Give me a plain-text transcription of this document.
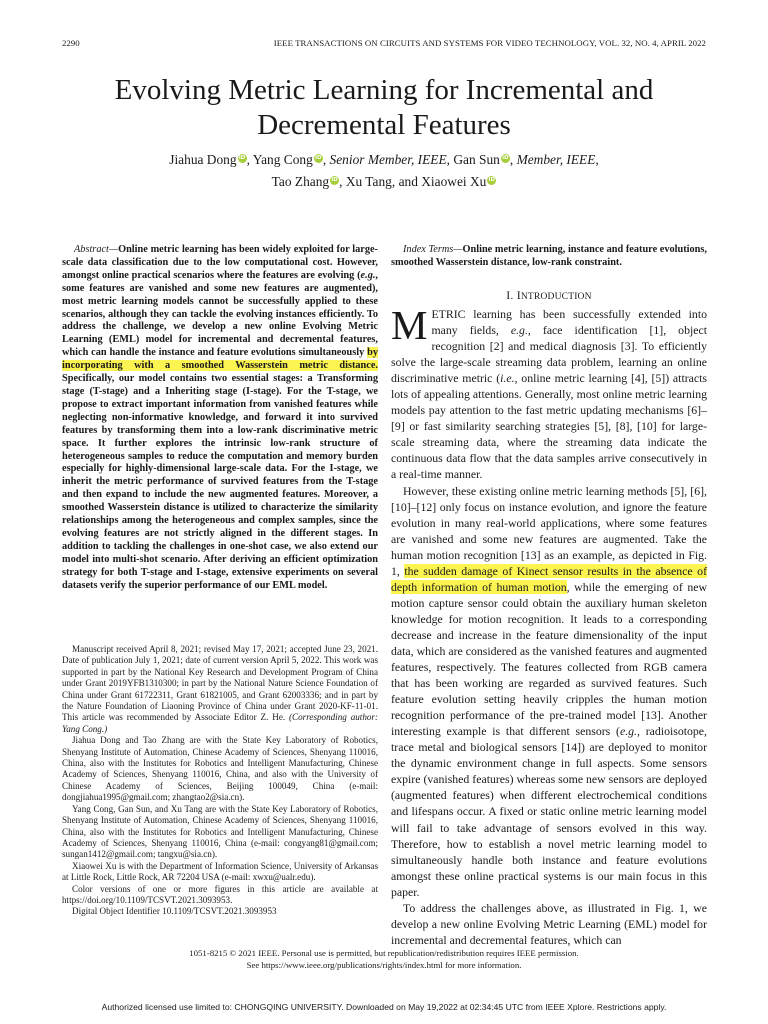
2290	IEEE TRANSACTIONS ON CIRCUITS AND SYSTEMS FOR VIDEO TECHNOLOGY, VOL. 32, NO. 4, APRIL 2022
Evolving Metric Learning for Incremental and
Decremental Features
Jiahua Dong iD, Yang Cong iD, Senior Member, IEEE, Gan Sun iD, Member, IEEE,
Tao Zhang iD, Xu Tang, and Xiaowei Xu iD

Abstract—Online metric learning has been widely exploited for large-scale data classification due to the low computational cost. However, amongst online practical scenarios where the features are evolving (e.g., some features are vanished and some new features are augmented), most metric learning models cannot be successfully applied to these scenarios, although they can tackle the evolving instances efficiently. To address the challenge, we develop a new online Evolving Metric Learning (EML) model for incremental and decremental features, which can handle the instance and feature evolutions simultaneously by incorporating with a smoothed Wasserstein metric distance. Specifically, our model contains two essential stages: a Transforming stage (T-stage) and a Inheriting stage (I-stage). For the T-stage, we propose to extract important information from vanished features while neglecting non-informative knowledge, and forward it into survived features by transforming them into a low-rank discriminative metric space. It further explores the intrinsic low-rank structure of heterogeneous samples to reduce the computation and memory burden especially for highly-dimensional large-scale data. For the I-stage, we inherit the metric performance of survived features from the T-stage and then expand to include the new augmented features. Moreover, a smoothed Wasserstein distance is utilized to characterize the similarity relationships among the heterogeneous and complex samples, since the evolving features are not strictly aligned in the different stages. In addition to tackling the challenges in one-shot case, we also extend our model into multi-shot scenario. After deriving an efficient optimization strategy for both T-stage and I-stage, extensive experiments on several datasets verify the superior performance of our EML model.

Manuscript received April 8, 2021; revised May 17, 2021; accepted June 23, 2021. Date of publication July 1, 2021; date of current version April 5, 2022. This work was supported in part by the National Key Research and Development Program of China under Grant 2019YFB1310300; in part by the National Nature Science Foundation of China under Grant 61722311, Grant 61821005, and Grant 62003336; and in part by the Nature Foundation of Liaoning Province of China under Grant 2020-KF-11-01. This article was recommended by Associate Editor Z. He. (Corresponding author: Yang Cong.)

Jiahua Dong and Tao Zhang are with the State Key Laboratory of Robotics, Shenyang Institute of Automation, Chinese Academy of Sciences, Shenyang 110016, China, also with the Institutes for Robotics and Intelligent Manufacturing, Chinese Academy of Sciences, Shenyang 110016, China, and also with the University of Chinese Academy of Sciences, Beijing 100049, China (e-mail: dongjiahua1995@gmail.com; zhangtao2@sia.cn).

Yang Cong, Gan Sun, and Xu Tang are with the State Key Laboratory of Robotics, Shenyang Institute of Automation, Chinese Academy of Sciences, Shenyang 110016, China, also with the Institutes for Robotics and Intelligent Manufacturing, Chinese Academy of Sciences, Shenyang 110016, China (e-mail: congyang81@gmail.com; sungan1412@gmail.com; tangxu@sia.cn).

Xiaowei Xu is with the Department of Information Science, University of Arkansas at Little Rock, Little Rock, AR 72204 USA (e-mail: xwxu@ualr.edu).

Color versions of one or more figures in this article are available at https://doi.org/10.1109/TCSVT.2021.3093953.

Digital Object Identifier 10.1109/TCSVT.2021.3093953

Index Terms—Online metric learning, instance and feature evolutions, smoothed Wasserstein distance, low-rank constraint.

I. INTRODUCTION

METRIC learning has been successfully extended into many fields, e.g., face identification [1], object recognition [2] and medical diagnosis [3]. To efficiently solve the large-scale streaming data problem, learning an online discriminative metric (i.e., online metric learning [4], [5]) attracts lots of appealing attentions. Generally, most online metric learning models pay attention to the fast metric updating mechanisms [6]–[9] or fast similarity searching strategies [5], [8], [10] for large-scale streaming data, where the streaming data indicate the continuous data flow that the data samples arrive consecutively in a real-time manner.

However, these existing online metric learning methods [5], [6], [10]–[12] only focus on instance evolution, and ignore the feature evolution in many real-world applications, where some features are vanished and some new features are augmented. Take the human motion recognition [13] as an example, as depicted in Fig. 1, the sudden damage of Kinect sensor results in the absence of depth information of human motion, while the emerging of new motion capture sensor could obtain the auxiliary human skeleton knowledge for motion recognition. It leads to a corresponding decrease and increase in the feature dimensionality of the input data, which are considered as the vanished features and augmented features, respectively. The features collected from RGB camera that has been working are regarded as survived features. Such feature evolution setting heavily cripples the human motion recognition performance of the pre-trained model [13]. Another interesting example is that different sensors (e.g., radioisotope, trace metal and biological sensors [14]) are deployed to monitor the dynamic environment change in full aspects. Some sensors expire (vanished features) whereas some new sensors are deployed (augmented features) when different electrochemical conditions and lifespans occur. A fixed or static online metric learning model will fail to take advantage of sensors evolved in this way. Therefore, how to establish a novel metric learning model to simultaneously handle both instance and feature evolutions amongst these online practical systems is our main focus in this paper.

To address the challenges above, as illustrated in Fig. 1, we develop a new online Evolving Metric Learning (EML) model for incremental and decremental features, which can

1051-8215 © 2021 IEEE. Personal use is permitted, but republication/redistribution requires IEEE permission.
See https://www.ieee.org/publications/rights/index.html for more information.
Authorized licensed use limited to: CHONGQING UNIVERSITY. Downloaded on May 19,2022 at 02:34:45 UTC from IEEE Xplore. Restrictions apply.
